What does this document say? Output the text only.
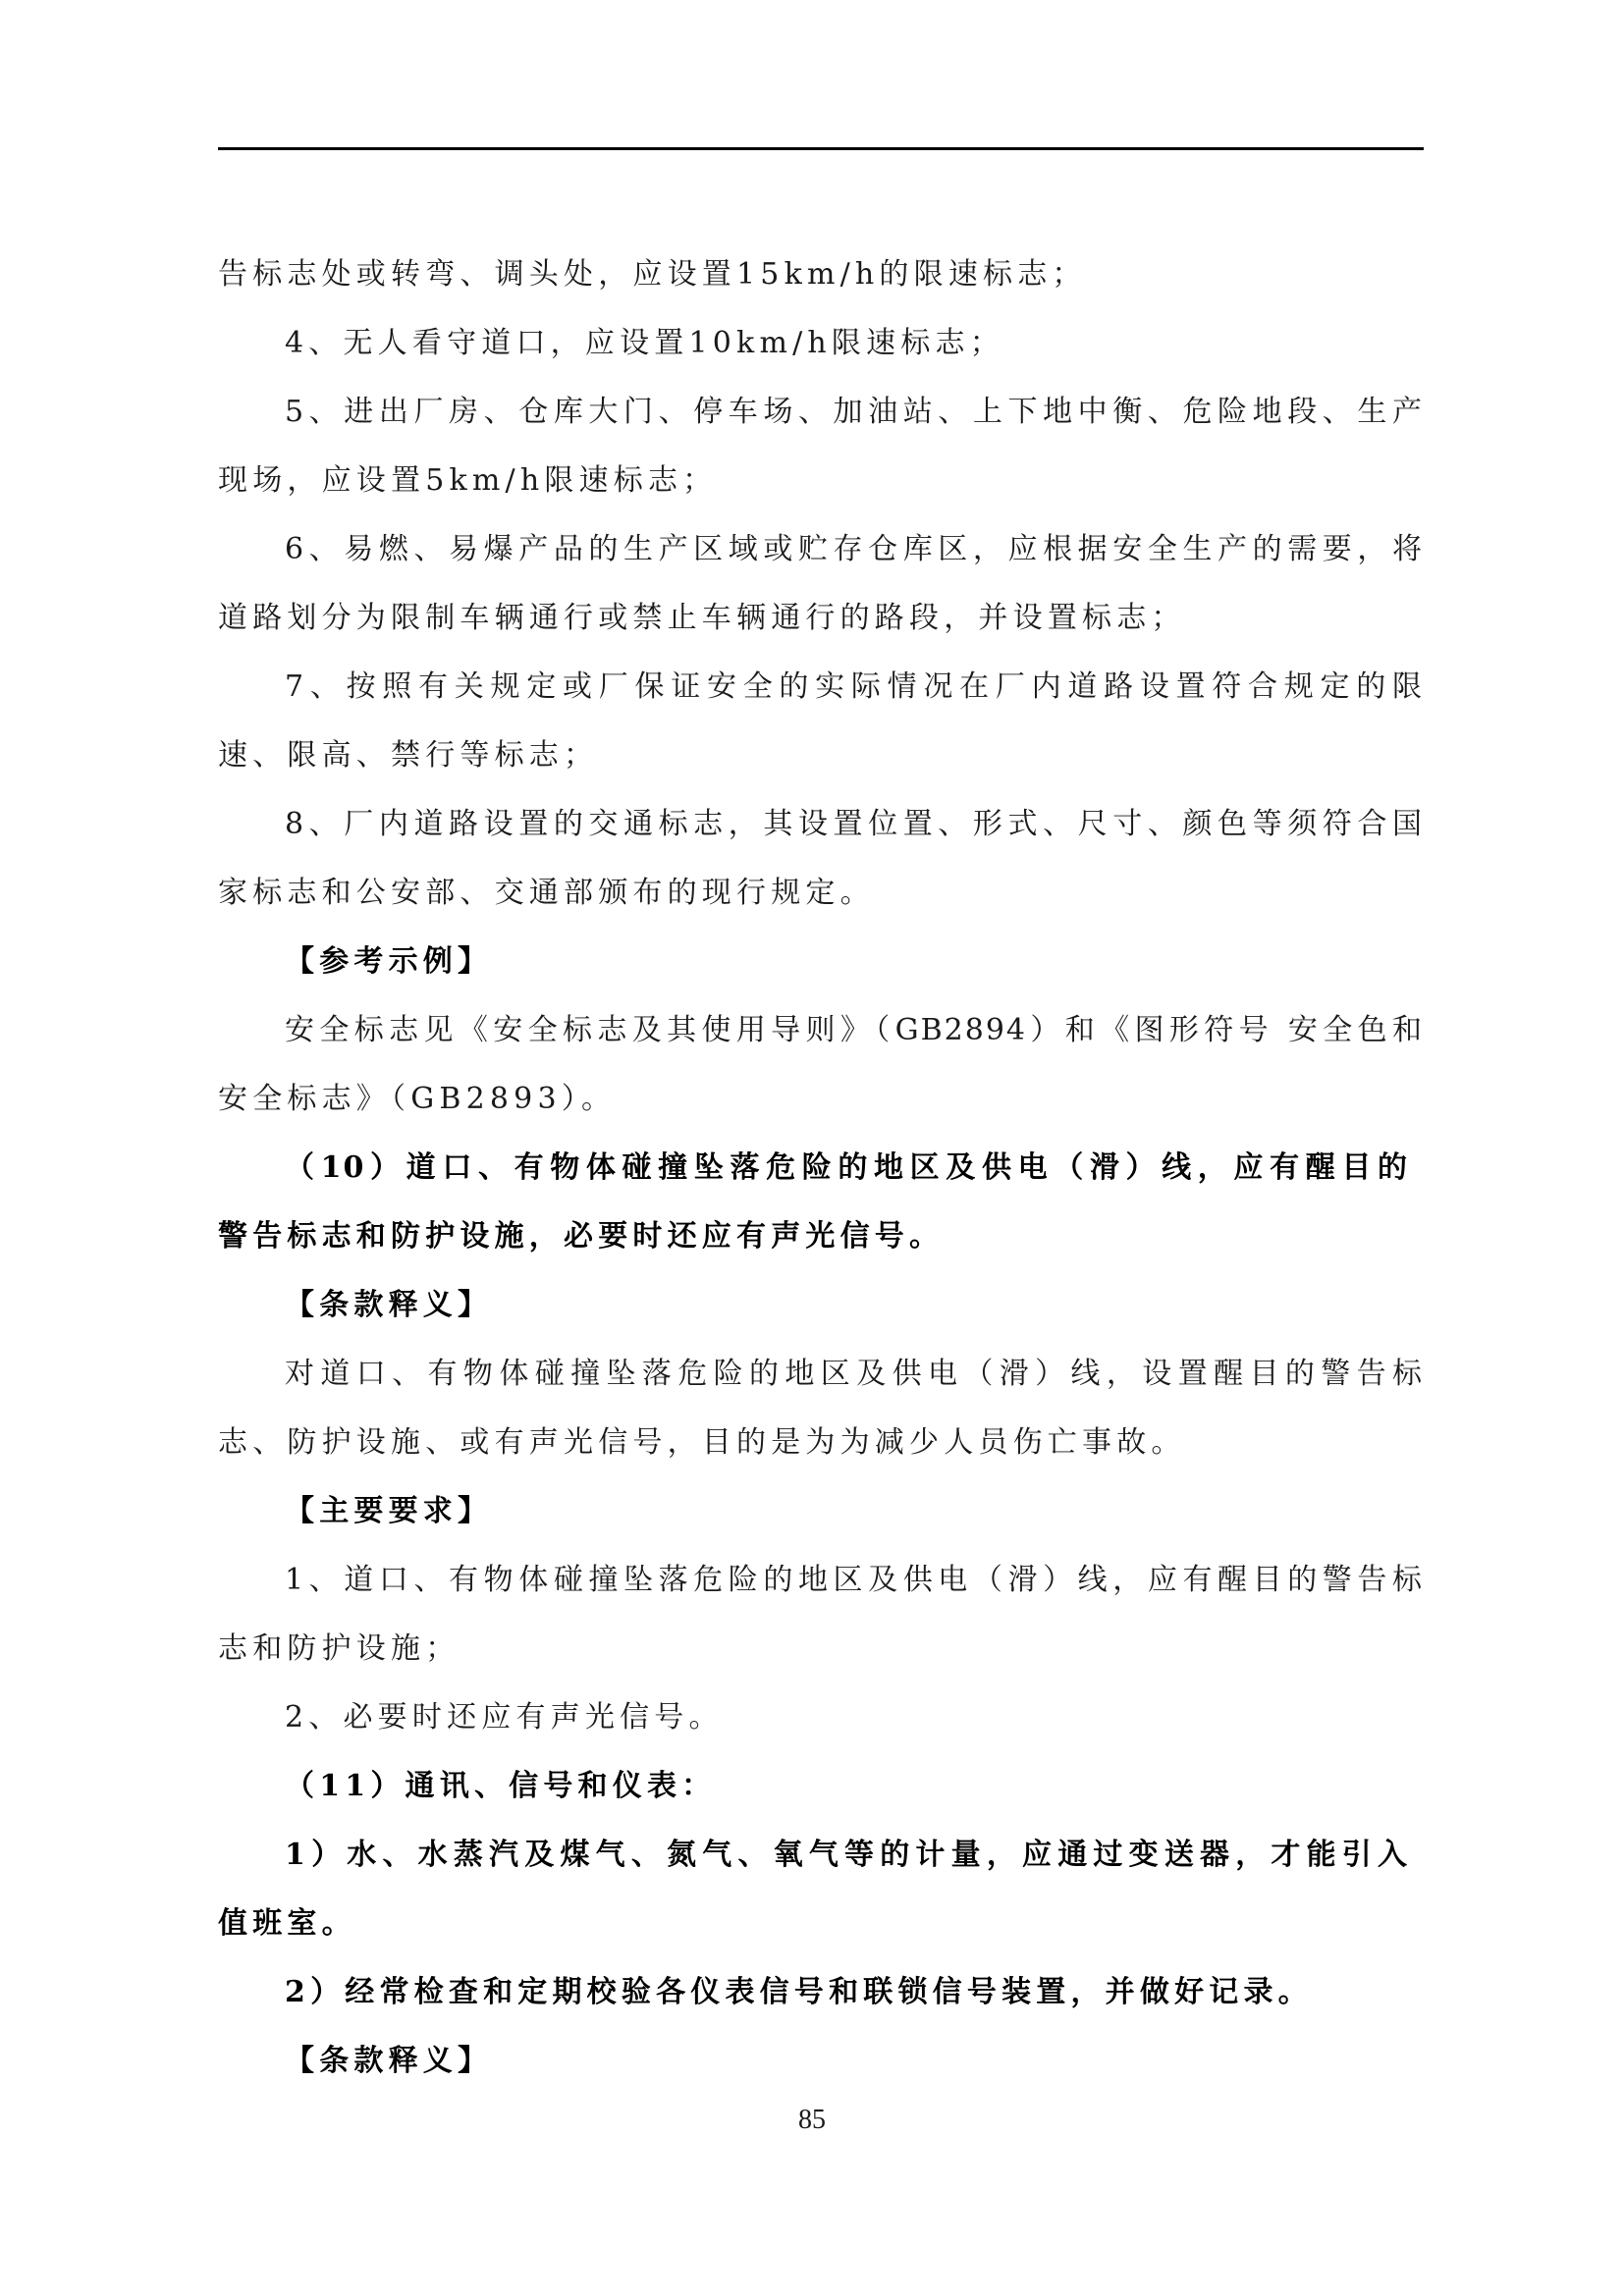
告标志处或转弯、调头处，应设置15km/h的限速标志；
4、无人看守道口，应设置10km/h限速标志；
5、进出厂房、仓库大门、停车场、加油站、上下地中衡、危险地段、生产
现场，应设置5km/h限速标志；
6、易燃、易爆产品的生产区域或贮存仓库区，应根据安全生产的需要，将
道路划分为限制车辆通行或禁止车辆通行的路段，并设置标志；
7、按照有关规定或厂保证安全的实际情况在厂内道路设置符合规定的限
速、限高、禁行等标志；
8、厂内道路设置的交通标志，其设置位置、形式、尺寸、颜色等须符合国
家标志和公安部、交通部颁布的现行规定。
【参考示例】
安全标志见《安全标志及其使用导则》（GB2894）和《图形符号 安全色和
安全标志》（GB2893）。
（10）道口、有物体碰撞坠落危险的地区及供电（滑）线，应有醒目的
警告标志和防护设施，必要时还应有声光信号。
【条款释义】
对道口、有物体碰撞坠落危险的地区及供电（滑）线，设置醒目的警告标
志、防护设施、或有声光信号，目的是为为减少人员伤亡事故。
【主要要求】
1、道口、有物体碰撞坠落危险的地区及供电（滑）线，应有醒目的警告标
志和防护设施；
2、必要时还应有声光信号。
（11）通讯、信号和仪表：
1）水、水蒸汽及煤气、氮气、氧气等的计量，应通过变送器，才能引入
值班室。
2）经常检查和定期校验各仪表信号和联锁信号装置，并做好记录。
【条款释义】
85
